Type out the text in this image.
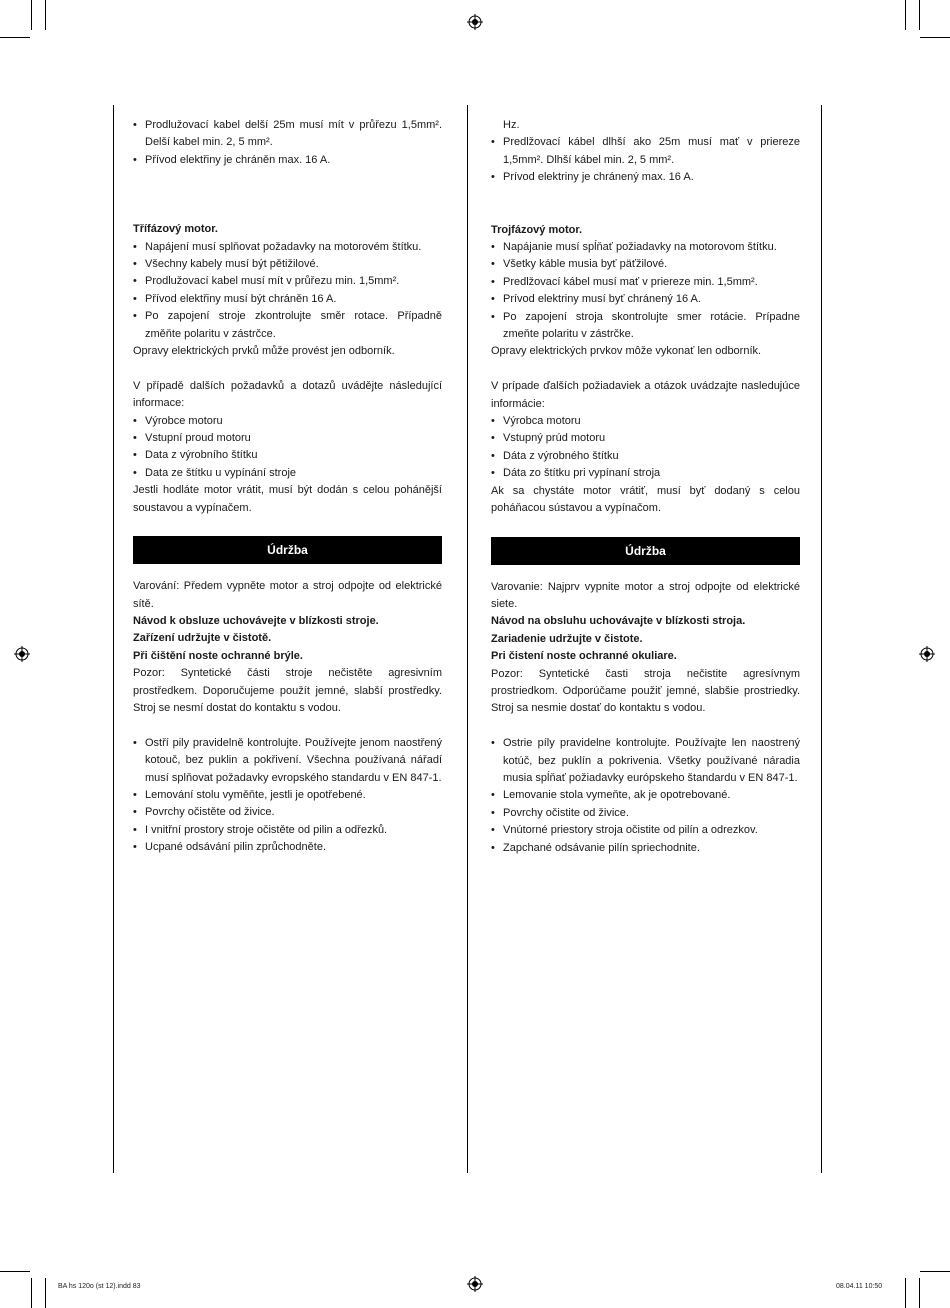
• Prodlužovací kabel delší 25m musí mít v průřezu 1,5mm². Delší kabel min. 2, 5 mm².
• Přívod elektřiny je chráněn max. 16 A.

Třífázový motor.

• Napájení musí splňovat požadavky na motorovém štítku.
• Všechny kabely musí být pětižilové.
• Prodlužovací kabel musí mít v průřezu min. 1,5mm².
• Přívod elektřiny musí být chráněn 16 A.
• Po zapojení stroje zkontrolujte směr rotace. Případně změňte polaritu v zástrčce.

Opravy elektrických prvků může provést jen odborník.

V případě dalších požadavků a dotazů uvádějte následující informace:

• Výrobce motoru
• Vstupní proud motoru
• Data z výrobního štítku
• Data ze štítku u vypínání stroje

Jestli hodláte motor vrátit, musí být dodán s celou pohánější soustavou a vypínačem.

Údržba

Varování: Předem vypněte motor a stroj odpojte od elektrické sítě.

Návod k obsluze uchovávejte v blízkosti stroje.

Zařízení udržujte v čistotě.

Při čištění noste ochranné brýle.

Pozor: Syntetické části stroje nečistěte agresivním prostředkem. Doporučujeme použít jemné, slabší prostředky. Stroj se nesmí dostat do kontaktu s vodou.

• Ostří pily pravidelně kontrolujte. Používejte jenom naostřený kotouč, bez puklin a pokřivení. Všechna používaná nářadí musí splňovat požadavky evropského standardu v EN 847-1.
• Lemování stolu vyměňte, jestli je opotřebené.
• Povrchy očistěte od živice.
• I vnitřní prostory stroje očistěte od pilin a odřezků.
• Ucpané odsávání pilin zprůchodněte.

Hz.

• Predlžovací kábel dlhší ako 25m musí mať v priereze 1,5mm². Dlhší kábel min. 2, 5 mm².
• Prívod elektriny je chránený max. 16 A.

Trojfázový motor.

• Napájanie musí spĺňať požiadavky na motorovom štítku.
• Všetky káble musia byť päťžilové.
• Predlžovací kábel musí mať v priereze min. 1,5mm².
• Prívod elektriny musí byť chránený 16 A.
• Po zapojení stroja skontrolujte smer rotácie. Prípadne zmeňte polaritu v zástrčke.

Opravy elektrických prvkov môže vykonať len odborník.

V prípade ďalších požiadaviek a otázok uvádzajte nasledujúce informácie:

• Výrobca motoru
• Vstupný prúd motoru
• Dáta z výrobného štítku
• Dáta zo štítku pri vypínaní stroja

Ak sa chystáte motor vrátiť, musí byť dodaný s celou poháňacou sústavou a vypínačom.

Údržba

Varovanie: Najprv vypnite motor a stroj odpojte od elektrické siete.

Návod na obsluhu uchovávajte v blízkosti stroja.

Zariadenie udržujte v čistote.

Pri čistení noste ochranné okuliare.

Pozor: Syntetické časti stroja nečistite agresívnym prostriedkom. Odporúčame použiť jemné, slabšie prostriedky. Stroj sa nesmie dostať do kontaktu s vodou.

• Ostrie píly pravidelne kontrolujte. Používajte len naostrený kotúč, bez puklín a pokrivenia. Všetky používané náradia musia spĺňať požiadavky európskeho štandardu v EN 847-1.
• Lemovanie stola vymeňte, ak je opotrebované.
• Povrchy očistite od živice.
• Vnútorné priestory stroja očistite od pilín a odrezkov.
• Zapchané odsávanie pilín spriechodnite.
BA hs 120o (st 12).indd 83	08.04.11 10:50
